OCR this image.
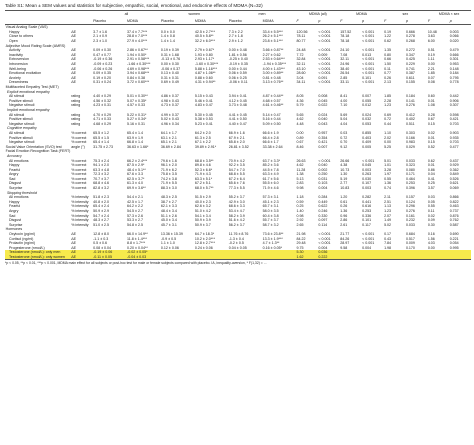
Table S1: Mean ± SEM values and statistics for subjective, empathic, social, emotional, and endocrine effects of MDMA (N=32)
		all		women		men		MDMA (all)		MDMA		sex		MDMA × sex	
		Placebo	MDMA	Placebo	MDMA	Placebo	MDMA	F	p	F	p	F	p	F	p
Visual Analog Scale (VAS)															
Happy	ΔE	3.7 ± 1.6	37.4 ± 7.7***	0.0 ± 0.0	42.5 ± 2.7***	7.3 ± 2.2	33.4 ± 5.5***	120.56	< 0.001	157.52	< 0.001	0.19	0.666	10.48	0.003
Close to others	ΔE	2.1 ± 0.9	28.8 ± 7.0***	1.4 ± 0.8	40.5 ± 5.8**	2.7 ± 1.8	26.2 ± 5.1***	78.11	< 0.001	78.18	< 0.001	1.22	0.278	3.63	0.066
Open	ΔE	2.3 ± 1.0	27.9 ± 4.0***	1.4 ± 1.4	32.2 ± 6.0***	2.9 ± 1.2	23.8 ± 5.1***	80.77	< 0.001	78.18	< 0.001	0.62	0.268	6.00	0.020
Adjective Mood Rating Scale (AMRS)															
Activity	ΔE	0.09 ± 0.30	2.86 ± 0.67**	0.19 ± 0.39	2.79 ± 0.67*	0.00 ± 0.48	3.66 ± 0.87**	24.48	< 0.001	24.10	< 0.001	1.35	0.272	0.51	0.479
Inactivity	ΔE	0.47 ± 0.77	1.94 ± 0.50*	0.31 ± 1.68	1.93 ± 0.80	1.81 ± 0.56	2.27 ± 0.62	7.72	0.009	7.08	0.013	0.80	0.347	0.19	0.666
Extroversion	ΔE	-0.19 ± 0.36	2.91 ± 0.58***	-0.13 ± 0.76	2.93 ± 1.17*	-0.25 ± 0.40	2.53 ± 0.64***	32.84	< 0.001	32.11	< 0.001	0.66	0.425	1.11	0.301
Introversion	ΔE	-0.09 ± 0.23	-1.66 ± 0.30***	0.00 ± 0.30	-1.60 ± 0.30***	-0.19 ± 0.35	-1.94 ± 0.35***	32.11	< 0.001	24.96	< 0.001	1.50	0.229	0.00	0.953
Well-being	ΔE	-0.06 ± 0.26	4.69 ± 0.98***	-0.06 ± 0.37	5.88 ± 1.16***	0.00 ± 0.44	4.00 ± 1.43***	43.10	< 0.001	38.40	< 0.001	0.11	0.741	2.21	0.148
Emotional excitation	ΔE	0.09 ± 0.35	3.94 ± 0.68***	0.13 ± 0.40	4.87 ± 1.06**	0.06 ± 0.59	3.00 ± 0.89**	28.60	< 0.001	26.54	< 0.001	0.77	0.387	1.85	0.184
Anxiety	ΔE	0.19 ± 0.20	0.84 ± 0.38	0.31 ± 0.31	0.88 ± 0.60	0.06 ± 0.25	0.81 ± 0.48	3.04	0.091	2.85	0.101	0.26	0.611	0.07	0.795
Dreaminess	ΔE	0.31 ± 0.24	3.72 ± 0.60***	0.69 ± 0.49	4.31 ± 0.94**	-0.06 ± 0.11	3.13 ± 0.76**	34.11	< 0.001	33.11	< 0.001	2.13	0.155	0.08	0.778
Multifaceted Empathy Test (MET)															
Explicit emotional empathy															
All stimuli	rating	4.40 ± 0.29	5.01 ± 0.30**	4.86 ± 0.37	5.15 ± 0.43	3.94 ± 0.41	4.87 ± 0.44**	8.05	0.008	8.41	0.007	1.85	0.184	0.60	0.442
Positive stimuli	rating	4.56 ± 0.32	5.07 ± 0.35*	4.98 ± 0.43	5.46 ± 0.41	4.12 ± 0.45	4.68 ± 0.57	4.36	0.045	4.00	0.055	2.28	0.141	0.01	0.906
Negative stimuli	rating	4.23 ± 0.31	4.57 ± 0.33	4.73 ± 0.37	4.83 ± 0.47	3.73 ± 0.48	4.61 ± 0.46**	5.79	0.022	7.10	0.012	1.23	0.276	1.08	0.307
Implicit emotional empathy															
All stimuli	rating	4.70 ± 0.29	5.22 ± 0.31*	4.99 ± 0.37	5.30 ± 0.45	4.41 ± 0.45	5.14 ± 0.47	5.65	0.024	5.69	0.024	0.69	0.412	0.28	0.598
Positive stimuli	rating	4.71 ± 0.33	5.27 ± 0.34*	5.02 ± 0.43	5.38 ± 0.53	4.41 ± 0.50	5.16 ± 0.44	4.62	0.040	5.04	0.032	0.72	0.402	0.67	0.421
Negative stimuli	rating	4.68 ± 0.29	5.16 ± 0.31	4.96 ± 0.34	5.23 ± 0.41	4.40 ± 0.47	5.09 ± 0.50	4.48	0.043	4.04	0.053	0.44	0.511	0.15	0.703
Cognitive empathy															
All stimuli	% correct	65.5 ± 1.2	65.4 ± 1.4	64.1 ± 1.7	64.2 ± 2.0	66.9 ± 1.6	66.6 ± 1.9	0.00	0.957	0.03	0.855	1.10	0.303	0.02	0.903
Positive stimuli	% correct	65.5 ± 1.5	63.9 ± 1.9	63.1 ± 2.1	61.3 ± 2.5	67.9 ± 2.1	66.4 ± 2.8	0.89	0.354	0.72	0.403	2.02	0.166	0.01	0.935
Negative stimuli	% correct	65.4 ± 1.4	66.8 ± 1.4	65.1 ± 2.1	67.1 ± 2.2	65.8 ± 2.0	66.6 ± 1.7	0.67	0.421	0.70	0.409	0.00	0.983	0.15	0.703
Social Value Orientation (SVO) test	angle (°)	31.75 ± 2.73	36.63 ± 1.66*	36.69 ± 2.84	39.89 ± 2.91*	26.81 ± 3.52	33.38 ± 2.64	8.46	0.007	9.12	0.005	5.25	0.029	0.52	0.477
Facial Emotion Recognition Task (FERT)															
Accuracy															
All emotions	% correct	75.3 ± 2.4	66.2 ± 2.4***	79.6 ± 1.6	68.8 ± 3.5**	70.9 ± 4.2	63.7 ± 3.3*	26.63	< 0.001	26.66	< 0.001	5.01	0.033	0.62	0.437
Happy	% correct	94.1 ± 2.0	87.5 ± 2.9*	96.1 ± 2.0	89.8 ± 4.6	92.2 ± 3.5	85.2 ± 3.6	4.62	0.040	4.38	0.045	1.01	0.323	0.01	0.929
Fearful	% correct	63.3 ± 4.8	48.4 ± 5.1**	71.9 ± 6.2	52.3 ± 6.6*	54.7 ± 7.0	44.5 ± 7.8	11.28	0.002	10.73	0.003	3.28	0.080	0.86	0.362
Angry	% correct	72.3 ± 3.2	67.6 ± 3.3	75.8 ± 3.5	71.9 ± 4.3	68.8 ± 5.5	63.3 ± 4.9	1.38	0.250	1.30	0.263	1.97	0.171	0.04	0.849
Sad	% correct	70.7 ± 3.7	62.5 ± 3.7*	74.2 ± 3.8	63.3 ± 5.1*	67.2 ± 6.4	61.7 ± 5.6	5.13	0.031	5.19	0.030	0.55	0.464	0.41	0.526
Disgust	% correct	68.8 ± 4.6	61.3 ± 4.0	71.9 ± 5.5	67.2 ± 5.1	65.6 ± 7.6	55.5 ± 6.0	2.83	0.103	2.77	0.107	1.36	0.253	0.25	0.621
Surprise	% correct	82.8 ± 3.2	69.9 ± 3.6**	88.3 ± 3.0	68.0 ± 5.7**	77.3 ± 5.5	71.9 ± 4.6	9.98	0.004	10.83	0.003	0.74	0.396	3.57	0.069
Stopping threshold															
All emotions	% intensity	51.8 ± 2.3	54.4 ± 2.1	48.3 ± 2.5	51.5 ± 2.9	55.2 ± 3.7	57.3 ± 3.1	1.18	0.284	1.20	0.282	2.11	0.157	0.03	0.866
Happy	% intensity	40.8 ± 2.0	42.5 ± 1.7	38.7 ± 2.7	40.0 ± 2.3	42.9 ± 3.0	45.1 ± 2.3	0.59	0.449	0.61	0.441	2.51	0.124	0.05	0.822
Fearful	% intensity	65.4 ± 2.4	64.2 ± 2.2	62.1 ± 3.3	62.6 ± 3.2	68.6 ± 3.3	65.7 ± 3.1	0.25	0.622	0.26	0.616	1.13	0.296	0.55	0.463
Angry	% intensity	50.9 ± 2.9	54.5 ± 2.7	48.4 ± 3.4	51.0 ± 4.2	53.4 ± 4.7	58.0 ± 3.5	1.40	0.246	1.36	0.253	1.23	0.276	0.11	0.737
Sad	% intensity	54.7 ± 2.4	57.3 ± 2.6	51.1 ± 2.6	54.1 ± 3.4	58.2 ± 3.9	60.4 ± 3.8	0.98	0.330	0.96	0.336	2.07	0.161	0.02	0.876
Disgust	% intensity	48.3 ± 2.7	53.3 ± 2.7	45.0 ± 3.4	50.9 ± 3.9	51.6 ± 4.2	55.7 ± 3.7	2.92	0.097	2.86	0.101	1.49	0.232	0.09	0.762
Surprise	% intensity	51.0 ± 2.5	54.8 ± 2.5	45.7 ± 3.1	50.9 ± 3.7	56.2 ± 3.7	58.7 ± 3.2	2.65	0.114	2.61	0.117	5.02	0.033	0.30	0.587
Hormones															
Oxytocin (pg/ml)	ΔE	12.8 ± 8.0	66.0 ± 14.9**	13.36 ± 15.39	64.7 ± 18.3*	11.76 ± 8.76	73.6 ± 23.8**	21.98	< 0.001	21.77	< 0.001	0.17	0.684	0.16	0.690
Cortisol (ng/ml)	ΔE	-1.1 ± 0.3	11.8 ± 1.4***	-0.9 ± 0.5	10.2 ± 2.0***	-1.3 ± 0.4	13.3 ± 1.9***	84.22	< 0.001	84.26	< 0.001	0.43	0.517	1.56	0.221
Prolactin (ng/ml)	ΔE	0.5 ± 0.6	8.8 ± 1.7***	1.1 ± 1.0	12.8 ± 2.7***	-0.2 ± 0.5	4.7 ± 1.3**	29.48	< 0.001	28.97	< 0.001	7.84	0.009	4.03	0.054
Progesterone (nmol/L)	ΔE	0.08 ± 0.04	0.20 ± 0.04**	0.12 ± 0.06	0.24 ± 0.06	0.04 ± 0.05	0.16 ± 0.05*	9.75	0.004	9.58	0.004	1.98	0.170	0.00	0.995
Testosterone (nmol/L): only men	ΔE	-0.19 ± 0.06	-0.02 ± 0.05*					5.30	0.036						
Testosterone (nmol/L): only women	ΔE	-0.11 ± 0.05	-0.04 ± 0.03					1.62	0.222						
*p < 0.05, **p < 0.01, ***p < 0.001, MDMA main effect for all subjects or post-hoc test for male or female subjects compared with placebo. IA, inequality-aversion, * F(1,32) = ...
